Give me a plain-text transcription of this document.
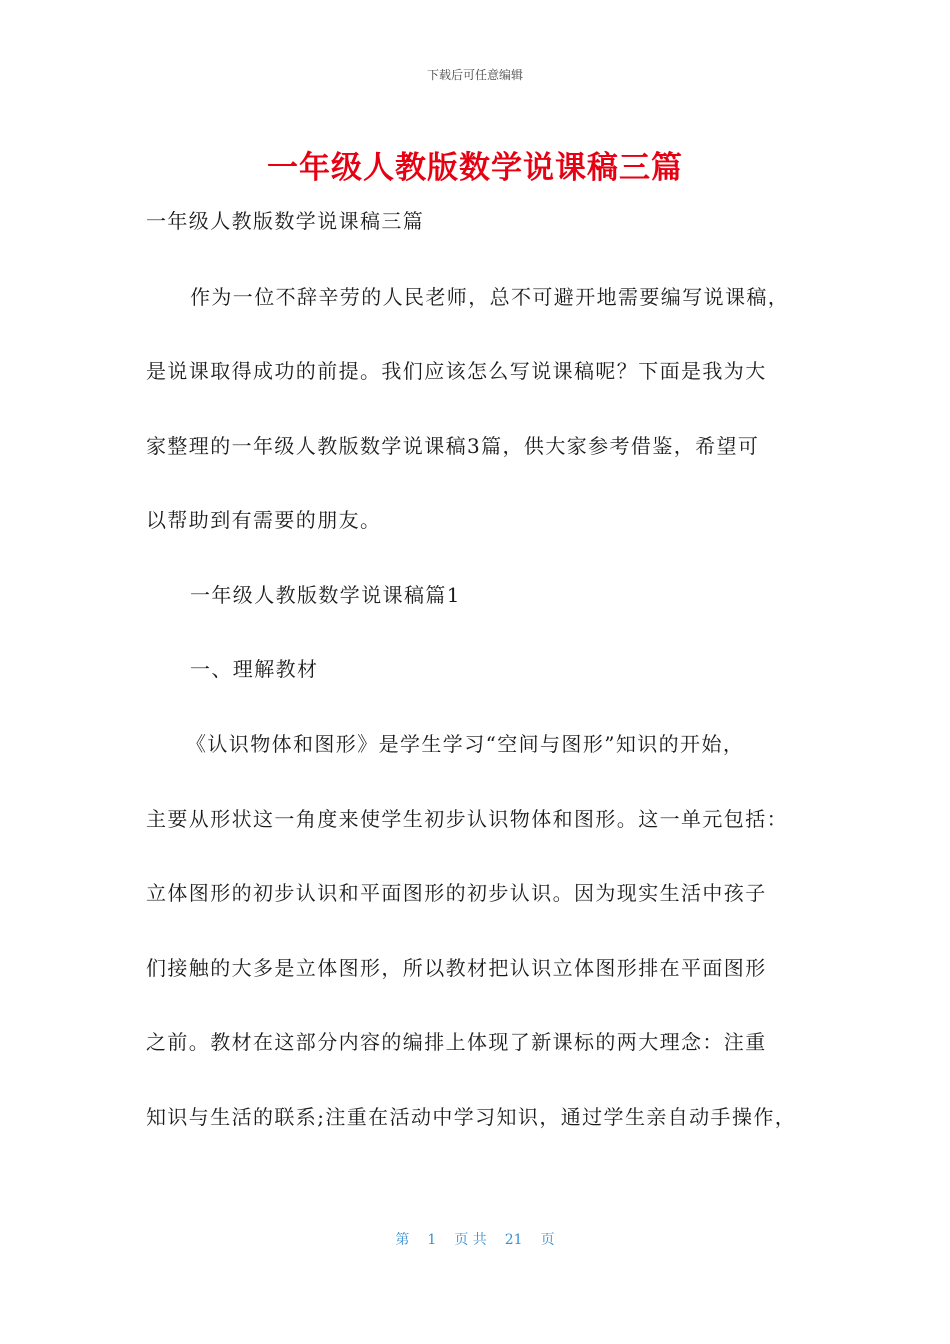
下载后可任意编辑
一年级人教版数学说课稿三篇
一年级人教版数学说课稿三篇
作为一位不辞辛劳的人民老师，总不可避开地需要编写说课稿，
是说课取得成功的前提。我们应该怎么写说课稿呢？下面是我为大
家整理的一年级人教版数学说课稿3篇，供大家参考借鉴，希望可
以帮助到有需要的朋友。
一年级人教版数学说课稿篇1
一、理解教材
《认识物体和图形》是学生学习“空间与图形”知识的开始，
主要从形状这一角度来使学生初步认识物体和图形。这一单元包括：
立体图形的初步认识和平面图形的初步认识。因为现实生活中孩子
们接触的大多是立体图形，所以教材把认识立体图形排在平面图形
之前。教材在这部分内容的编排上体现了新课标的两大理念：注重
知识与生活的联系;注重在活动中学习知识，通过学生亲自动手操作，
第 1 页 共 21 页
